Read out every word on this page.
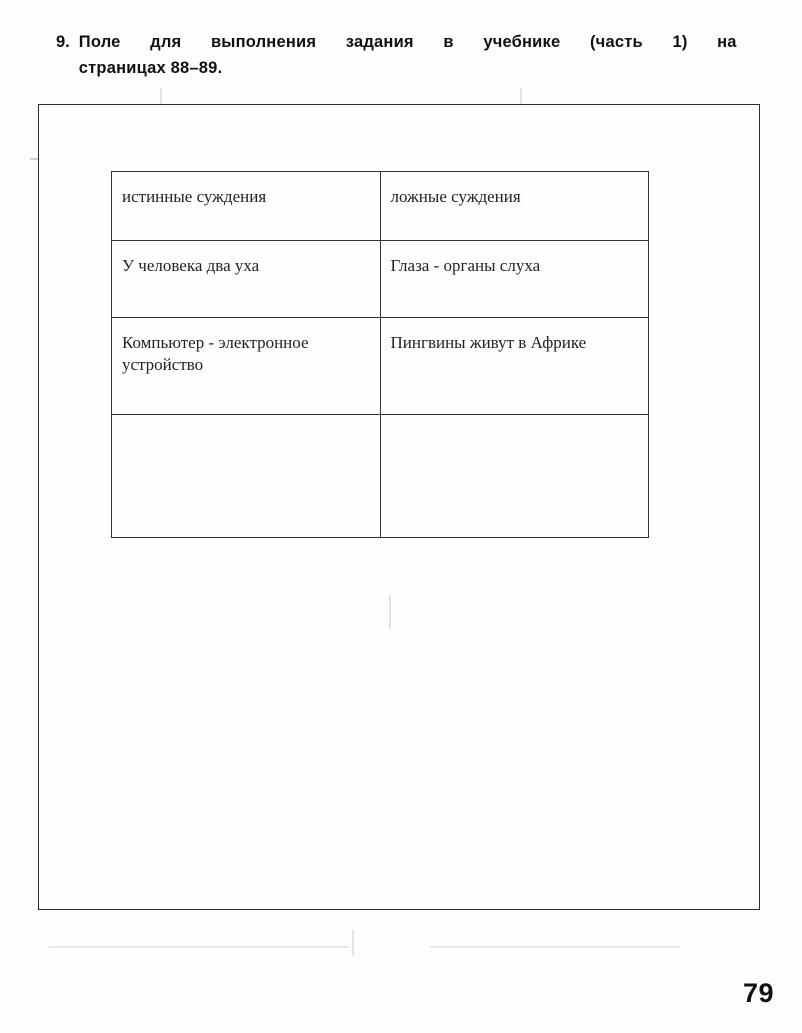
9. Поле для выполнения задания в учебнике (часть 1) на
страницах 88–89.
истинные суждения	ложные суждения
У человека два уха	Глаза - органы слуха
Компьютер - электронное устройство	Пингвины живут в Африке

79
